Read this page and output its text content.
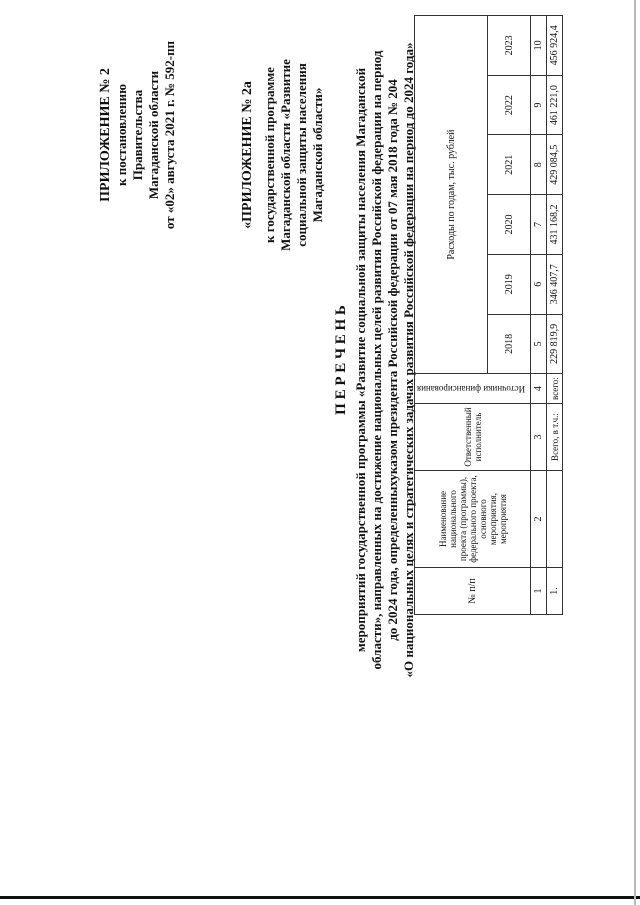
ПРИЛОЖЕНИЕ № 2 к постановлению Правительства Магаданской области от «02» августа 2021 г. № 592-пп	«ПРИЛОЖЕНИЕ № 2а к государственной программе Магаданской области «Развитие социальной защиты населения Магаданской области»
П Е Р Е Ч Е Н Ь мероприятий государственной программы «Развитие социальной защиты населения Магаданской области», направленных на достижение национальных целей развития Российской федерации на период до 2024 года, определенныхуказом президента Российской федерации от 07 мая 2018 года № 204 «О национальных целях и стратегических задачах развития Российской федерации на период до 2024 года»	№ п/п	Наименование национального проекта (программы), федерального проекта, основного мероприятия, мероприятия	Ответственный исполнитель	Источники финансирования	Расходы по годам, тыс. рублей					
				2018	2019	2020	2021	2022	2023
1	2	3	4	5	6	7	8	9	10
1.		Всего, в т.ч.:	всего:	229 819,9	346 407,7	431 168,2	429 084,5	461 221,0	456 924,4
